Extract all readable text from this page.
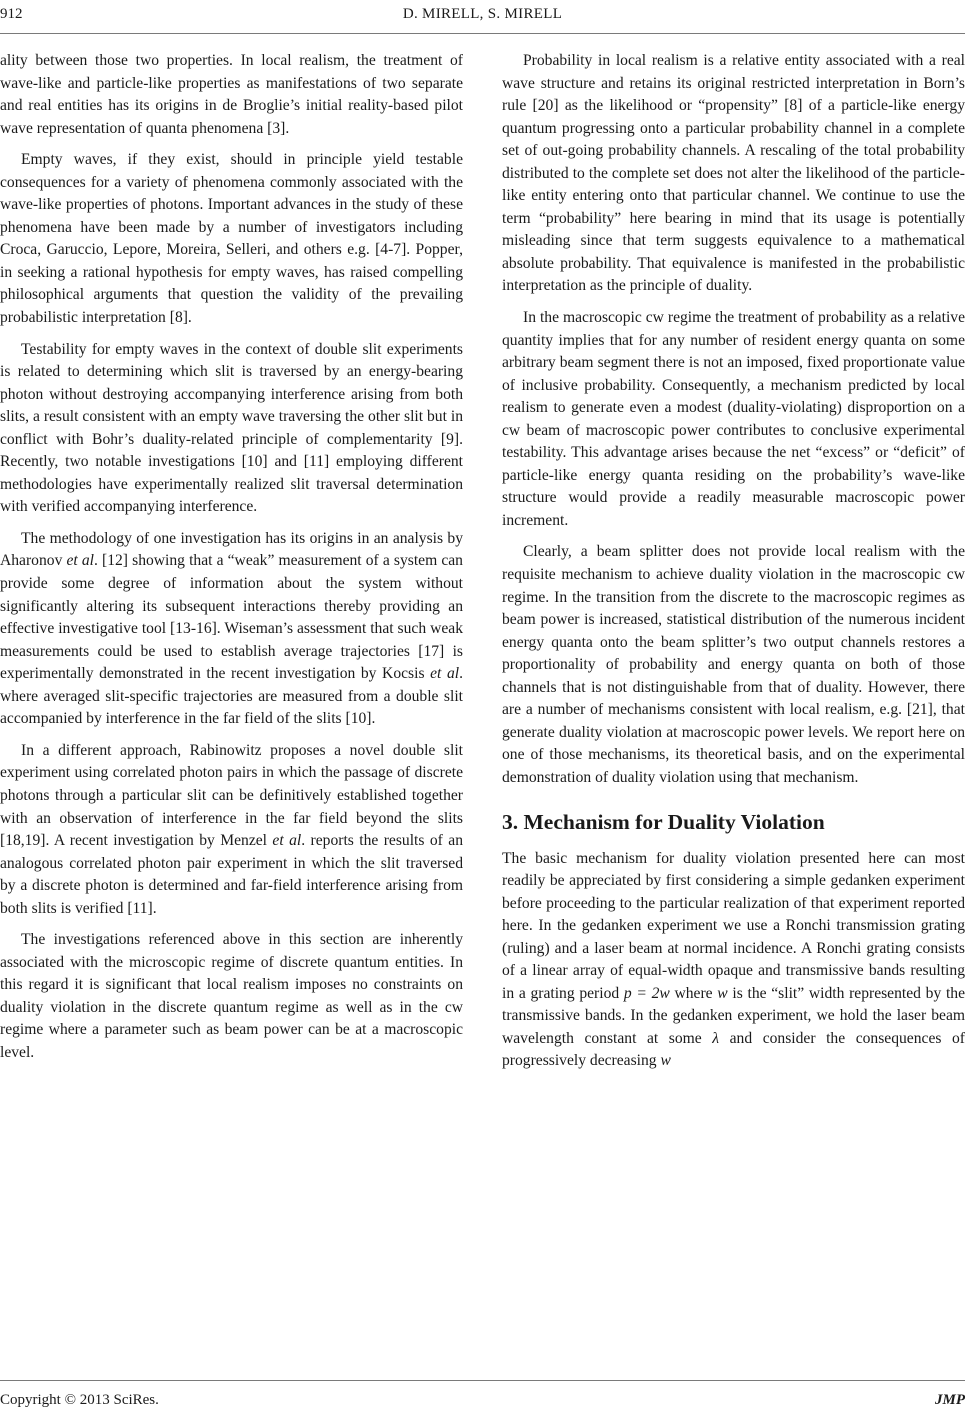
912	D. MIRELL, S. MIRELL

ality between those two properties. In local realism, the treatment of wave-like and particle-like properties as manifestations of two separate and real entities has its origins in de Broglie’s initial reality-based pilot wave representation of quanta phenomena [3].

Empty waves, if they exist, should in principle yield testable consequences for a variety of phenomena commonly associated with the wave-like properties of photons. Important advances in the study of these phenomena have been made by a number of investigators including Croca, Garuccio, Lepore, Moreira, Selleri, and others e.g. [4-7]. Popper, in seeking a rational hypothesis for empty waves, has raised compelling philosophical arguments that question the validity of the prevailing probabilistic interpretation [8].

Testability for empty waves in the context of double slit experiments is related to determining which slit is traversed by an energy-bearing photon without destroying accompanying interference arising from both slits, a result consistent with an empty wave traversing the other slit but in conflict with Bohr’s duality-related principle of complementarity [9]. Recently, two notable investigations [10] and [11] employing different methodologies have experimentally realized slit traversal determination with verified accompanying interference.

The methodology of one investigation has its origins in an analysis by Aharonov et al. [12] showing that a “weak” measurement of a system can provide some degree of information about the system without significantly altering its subsequent interactions thereby providing an effective investigative tool [13-16]. Wiseman’s assessment that such weak measurements could be used to establish average trajectories [17] is experimentally demonstrated in the recent investigation by Kocsis et al. where averaged slit-specific trajectories are measured from a double slit accompanied by interference in the far field of the slits [10].

In a different approach, Rabinowitz proposes a novel double slit experiment using correlated photon pairs in which the passage of discrete photons through a particular slit can be definitively established together with an observation of interference in the far field beyond the slits [18,19]. A recent investigation by Menzel et al. reports the results of an analogous correlated photon pair experiment in which the slit traversed by a discrete photon is determined and far-field interference arising from both slits is verified [11].

The investigations referenced above in this section are inherently associated with the microscopic regime of discrete quantum entities. In this regard it is significant that local realism imposes no constraints on duality violation in the discrete quantum regime as well as in the cw regime where a parameter such as beam power can be at a macroscopic level.

Probability in local realism is a relative entity associated with a real wave structure and retains its original restricted interpretation in Born’s rule [20] as the likelihood or “propensity” [8] of a particle-like energy quantum progressing onto a particular probability channel in a complete set of out-going probability channels. A rescaling of the total probability distributed to the complete set does not alter the likelihood of the particle-like entity entering onto that particular channel. We continue to use the term “probability” here bearing in mind that its usage is potentially misleading since that term suggests equivalence to a mathematical absolute probability. That equivalence is manifested in the probabilistic interpretation as the principle of duality.

In the macroscopic cw regime the treatment of probability as a relative quantity implies that for any number of resident energy quanta on some arbitrary beam segment there is not an imposed, fixed proportionate value of inclusive probability. Consequently, a mechanism predicted by local realism to generate even a modest (duality-violating) disproportion on a cw beam of macroscopic power contributes to conclusive experimental testability. This advantage arises because the net “excess” or “deficit” of particle-like energy quanta residing on the probability’s wave-like structure would provide a readily measurable macroscopic power increment.

Clearly, a beam splitter does not provide local realism with the requisite mechanism to achieve duality violation in the macroscopic cw regime. In the transition from the discrete to the macroscopic regimes as beam power is increased, statistical distribution of the numerous incident energy quanta onto the beam splitter’s two output channels restores a proportionality of probability and energy quanta on both of those channels that is not distinguishable from that of duality. However, there are a number of mechanisms consistent with local realism, e.g. [21], that generate duality violation at macroscopic power levels. We report here on one of those mechanisms, its theoretical basis, and on the experimental demonstration of duality violation using that mechanism.

3. Mechanism for Duality Violation

The basic mechanism for duality violation presented here can most readily be appreciated by first considering a simple gedanken experiment before proceeding to the particular realization of that experiment reported here. In the gedanken experiment we use a Ronchi transmission grating (ruling) and a laser beam at normal incidence. A Ronchi grating consists of a linear array of equal-width opaque and transmissive bands resulting in a grating period p = 2w where w is the “slit” width represented by the transmissive bands. In the gedanken experiment, we hold the laser beam wavelength constant at some λ and consider the consequences of progressively decreasing w

Copyright © 2013 SciRes.	JMP
